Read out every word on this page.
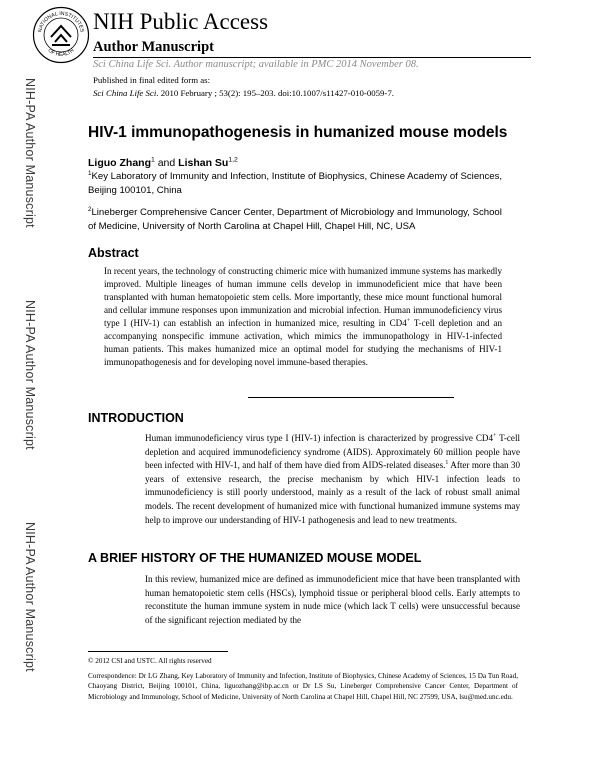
NIH-PA Author Manuscript
NIH-PA Author Manuscript
NIH-PA Author Manuscript
NATIONAL INSTITUTES
OF HEALTH
NIH Public Access
Author Manuscript
Sci China Life Sci. Author manuscript; available in PMC 2014 November 08.
Published in final edited form as:
Sci China Life Sci. 2010 February ; 53(2): 195–203. doi:10.1007/s11427-010-0059-7.
HIV-1 immunopathogenesis in humanized mouse models
Liguo Zhang$^1$ and Lishan Su$^{1,2}$
$^1$Key Laboratory of Immunity and Infection, Institute of Biophysics, Chinese Academy of Sciences, Beijing 100101, China
$^2$Lineberger Comprehensive Cancer Center, Department of Microbiology and Immunology, School of Medicine, University of North Carolina at Chapel Hill, Chapel Hill, NC, USA
Abstract

In recent years, the technology of constructing chimeric mice with humanized immune systems has markedly improved. Multiple lineages of human immune cells develop in immunodeficient mice that have been transplanted with human hematopoietic stem cells. More importantly, these mice mount functional humoral and cellular immune responses upon immunization and microbial infection. Human immunodeficiency virus type I (HIV-1) can establish an infection in humanized mice, resulting in CD4+ T-cell depletion and an accompanying nonspecific immune activation, which mimics the immunopathology in HIV-1-infected human patients. This makes humanized mice an optimal model for studying the mechanisms of HIV-1 immunopathogenesis and for developing novel immune-based therapies.

INTRODUCTION

Human immunodeficiency virus type I (HIV-1) infection is characterized by progressive CD4+ T-cell depletion and acquired immunodeficiency syndrome (AIDS). Approximately 60 million people have been infected with HIV-1, and half of them have died from AIDS-related diseases.$^1$ After more than 30 years of extensive research, the precise mechanism by which HIV-1 infection leads to immunodeficiency is still poorly understood, mainly as a result of the lack of robust small animal models. The recent development of humanized mice with functional humanized immune systems may help to improve our understanding of HIV-1 pathogenesis and lead to new treatments.

A BRIEF HISTORY OF THE HUMANIZED MOUSE MODEL

In this review, humanized mice are defined as immunodeficient mice that have been transplanted with human hematopoietic stem cells (HSCs), lymphoid tissue or peripheral blood cells. Early attempts to reconstitute the human immune system in nude mice (which lack T cells) were unsuccessful because of the significant rejection mediated by the

© 2012 CSI and USTC. All rights reserved
Correspondence: Dr LG Zhang, Key Laboratory of Immunity and Infection, Institute of Biophysics, Chinese Academy of Sciences, 15 Da Tun Road, Chaoyang District, Beijing 100101, China, liguozhang@ibp.ac.cn or Dr LS Su, Lineberger Comprehensive Cancer Center, Department of Microbiology and Immunology, School of Medicine, University of North Carolina at Chapel Hill, Chapel Hill, NC 27599, USA, lsu@med.unc.edu.
